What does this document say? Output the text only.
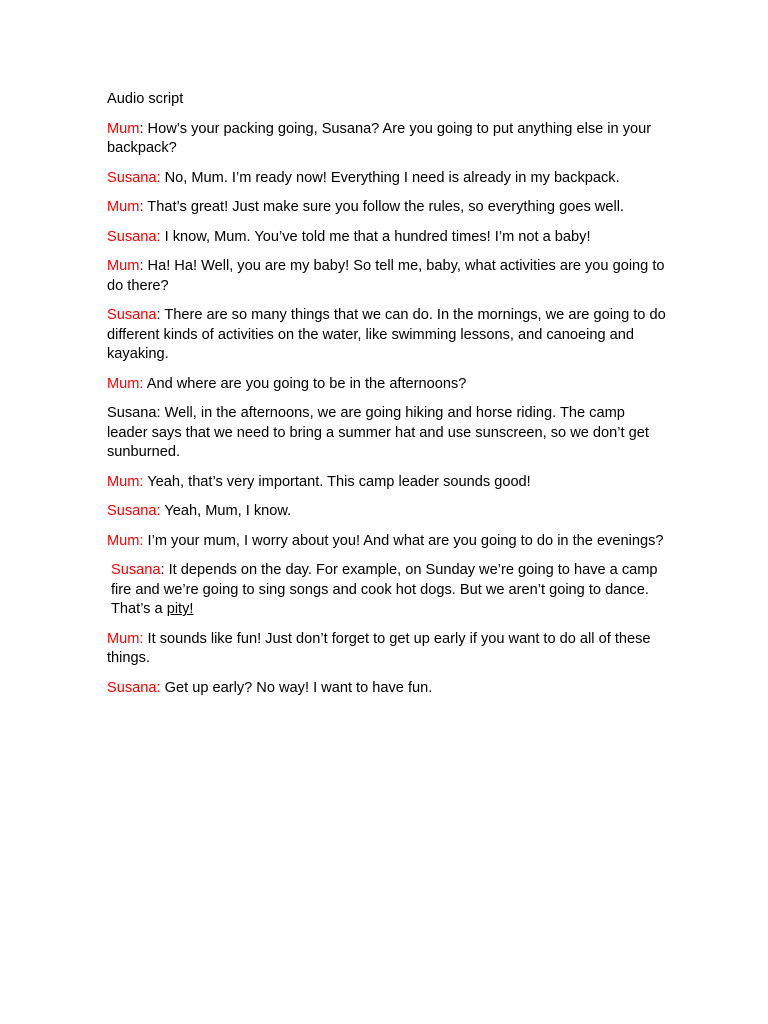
Audio script
Mum: How’s your packing going, Susana? Are you going to put anything else in your backpack?
Susana: No, Mum. I’m ready now! Everything I need is already in my backpack.
Mum: That’s great! Just make sure you follow the rules, so everything goes well.
Susana: I know, Mum. You’ve told me that a hundred times! I’m not a baby!
Mum: Ha! Ha! Well, you are my baby! So tell me, baby, what activities are you going to do there?
Susana: There are so many things that we can do. In the mornings, we are going to do different kinds of activities on the water, like swimming lessons, and canoeing and kayaking.
Mum: And where are you going to be in the afternoons?
Susana: Well, in the afternoons, we are going hiking and horse riding. The camp leader says that we need to bring a summer hat and use sunscreen, so we don’t get sunburned.
Mum: Yeah, that’s very important. This camp leader sounds good!
Susana: Yeah, Mum, I know.
Mum: I’m your mum, I worry about you! And what are you going to do in the evenings?
Susana: It depends on the day. For example, on Sunday we’re going to have a camp fire and we’re going to sing songs and cook hot dogs. But we aren’t going to dance. That’s a pity!
Mum: It sounds like fun! Just don’t forget to get up early if you want to do all of these things.
Susana: Get up early? No way! I want to have fun.
